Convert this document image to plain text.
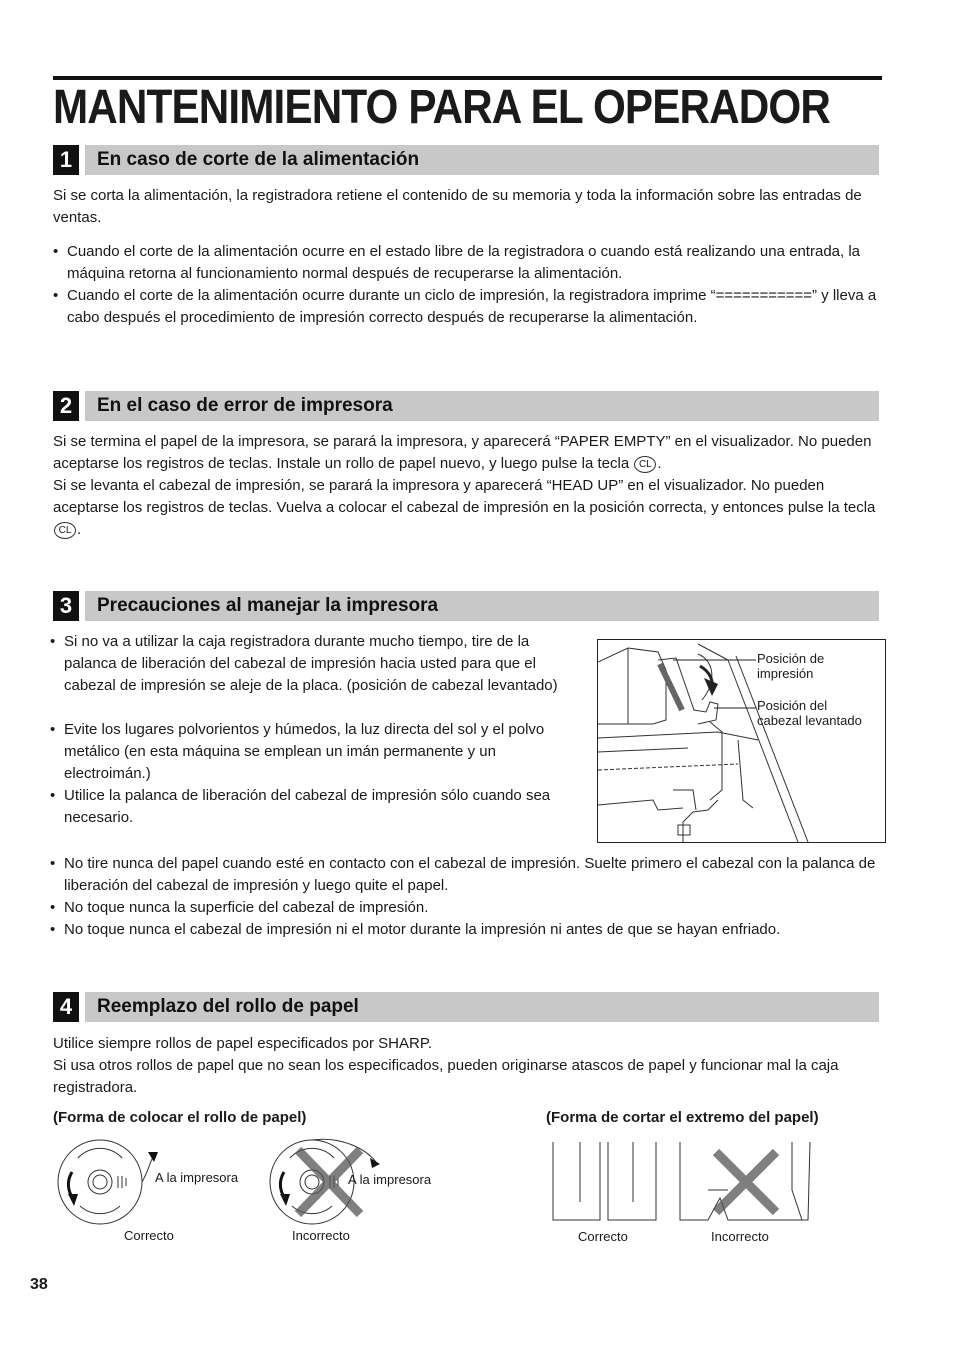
MANTENIMIENTO PARA EL OPERADOR
1	En caso de corte de la alimentación

Si se corta la alimentación, la registradora retiene el contenido de su memoria y toda la información sobre las entradas de ventas.

• Cuando el corte de la alimentación ocurre en el estado libre de la registradora o cuando está realizando una entrada, la máquina retorna al funcionamiento normal después de recuperarse la alimentación.
• Cuando el corte de la alimentación ocurre durante un ciclo de impresión, la registradora imprime “===========” y lleva a cabo después el procedimiento de impresión correcto después de recuperarse la alimentación.
2	En el caso de error de impresora
Si se termina el papel de la impresora, se parará la impresora, y aparecerá “PAPER EMPTY” en el visualizador. No pueden aceptarse los registros de teclas. Instale un rollo de papel nuevo, y luego pulse la tecla CL .
Si se levanta el cabezal de impresión, se parará la impresora y aparecerá “HEAD UP” en el visualizador. No pueden aceptarse los registros de teclas. Vuelva a colocar el cabezal de impresión en la posición correcta, y entonces pulse la tecla CL .
3	Precauciones al manejar la impresora
• Si no va a utilizar la caja registradora durante mucho tiempo, tire de la palanca de liberación del cabezal de impresión hacia usted para que el cabezal de impresión se aleje de la placa. (posición de cabezal levantado)
• Evite los lugares polvorientos y húmedos, la luz directa del sol y el polvo metálico (en esta máquina se emplean un imán permanente y un electroimán.)
• Utilice la palanca de liberación del cabezal de impresión sólo cuando sea necesario.
• No tire nunca del papel cuando esté en contacto con el cabezal de impresión. Suelte primero el cabezal con la palanca de liberación del cabezal de impresión y luego quite el papel.
• No toque nunca la superficie del cabezal de impresión.
• No toque nunca el cabezal de impresión ni el motor durante la impresión ni antes de que se hayan enfriado.
Posición de
impresión
Posición del
cabezal levantado
4	Reemplazo del rollo de papel
Utilice siempre rollos de papel especificados por SHARP.
Si usa otros rollos de papel que no sean los especificados, pueden originarse atascos de papel y funcionar mal la caja registradora.
(Forma de colocar el rollo de papel)	(Forma de cortar el extremo del papel)
A la impresora	A la impresora
Correcto	Incorrecto	Correcto	Incorrecto
38
